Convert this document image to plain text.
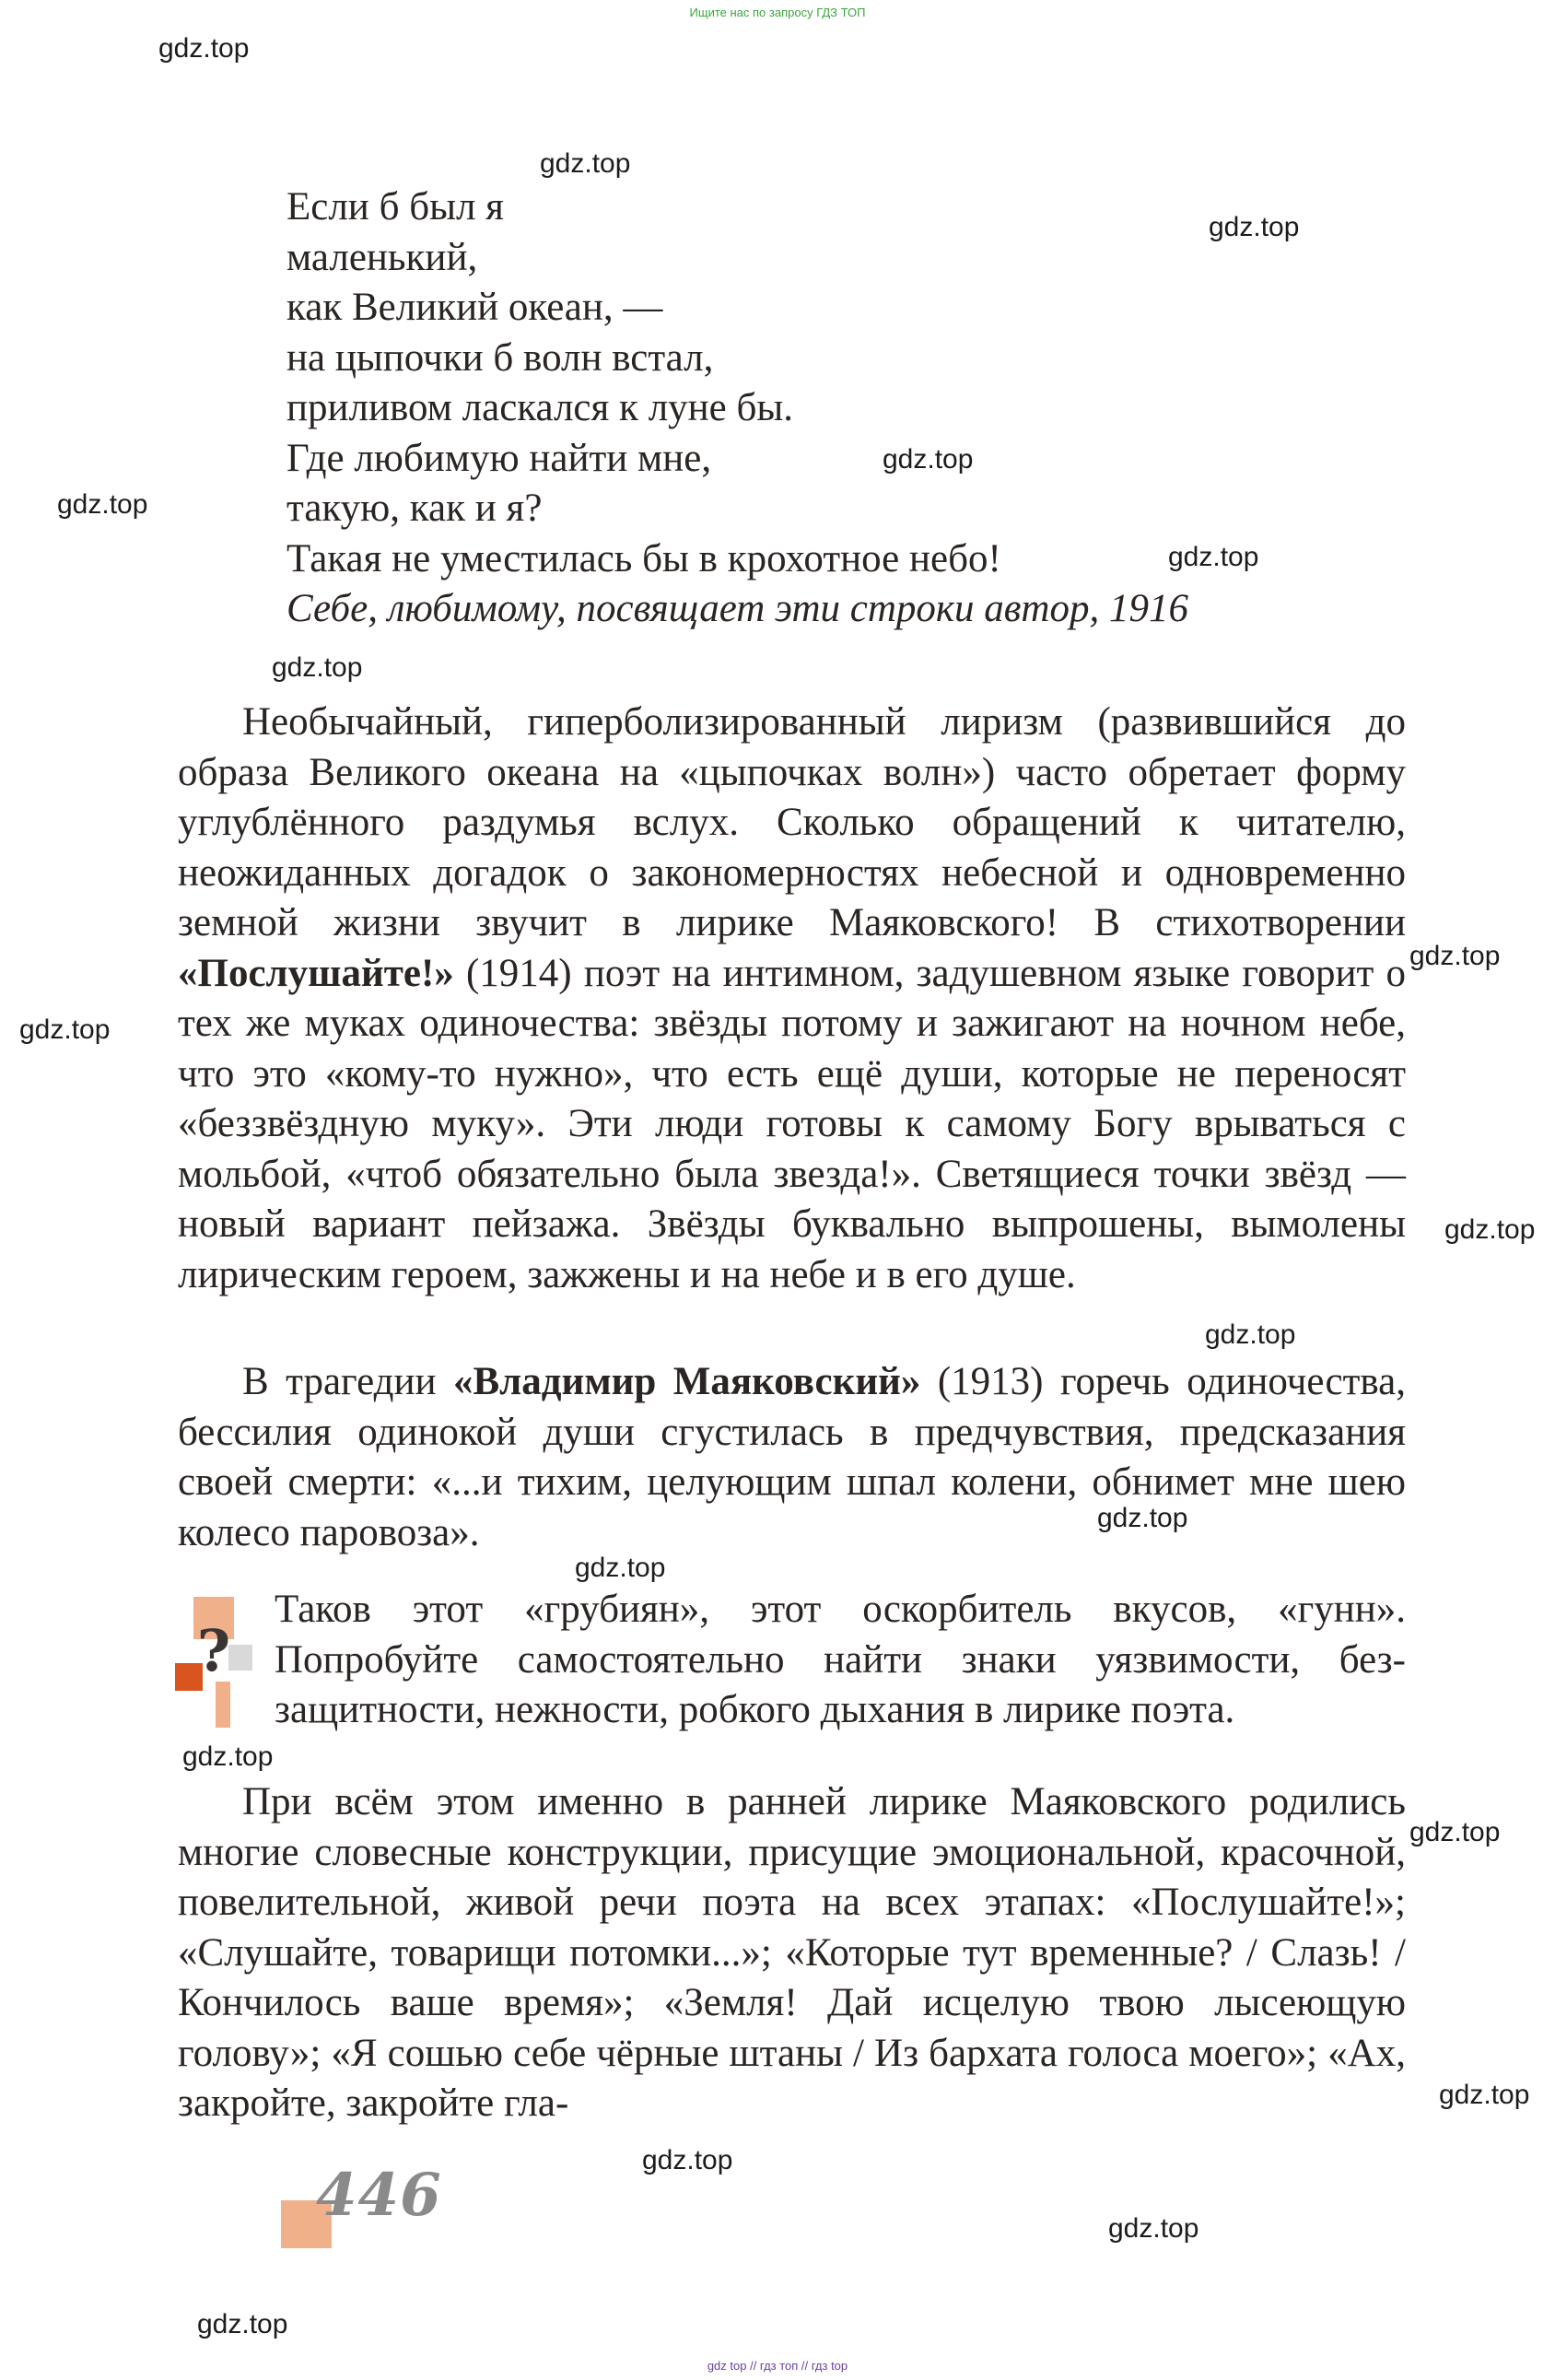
Ищите нас по запросу ГДЗ ТОП
Если б был я
маленький,
как Великий океан, —
на цыпочки б волн встал,
приливом ласкался к луне бы.
Где любимую найти мне,
такую, как и я?
Такая не уместилась бы в крохотное небо!
Себе, любимому, посвящает эти строки автор, 1916
Необычайный, гиперболизированный лиризм (развившийся до образа Великого океана на «цыпочках волн») часто обретает форму углублённого раздумья вслух. Сколько обращений к читателю, неожиданных догадок о закономерностях небесной и одновременно земной жизни звучит в лирике Маяковского! В стихотворении «Послушайте!» (1914) поэт на интимном, задушевном языке говорит о тех же муках одиночества: звёзды потому и зажигают на ночном небе, что это «кому-то нужно», что есть ещё души, которые не переносят «беззвёздную муку». Эти люди готовы к самому Богу врываться с мольбой, «чтоб обязательно была звезда!». Светящиеся точки звёзд — новый вариант пейзажа. Звёзды буквально выпрошены, вымолены лирическим героем, зажжены и на небе и в его душе.
В трагедии «Владимир Маяковский» (1913) горечь одиночества, бессилия одинокой души сгустилась в предчувствия, предсказания своей смерти: «...и тихим, целующим шпал колени, обнимет мне шею колесо паровоза».
?
Таков этот «грубиян», этот оскорбитель вкусов, «гунн». Попробуйте самостоятельно найти знаки уязвимости, беззащитности, нежности, робкого дыхания в лирике поэта.
При всём этом именно в ранней лирике Маяковского родились многие словесные конструкции, присущие эмоциональной, красочной, повелительной, живой речи поэта на всех этапах: «Послушайте!»; «Слушайте, товарищи потомки...»; «Которые тут временные? / Слазь! / Кончилось ваше время»; «Земля! Дай исцелую твою лысеющую голову»; «Я сошью себе чёрные штаны / Из бархата голоса моего»; «Ах, закройте, закройте гла-
446
gdz.top
gdz.top
gdz.top
gdz.top
gdz.top
gdz.top
gdz.top
gdz.top
gdz.top
gdz.top
gdz.top
gdz.top
gdz.top
gdz.top
gdz.top
gdz.top
gdz.top
gdz.top
gdz.top
gdz top // гдз топ // гдз top
